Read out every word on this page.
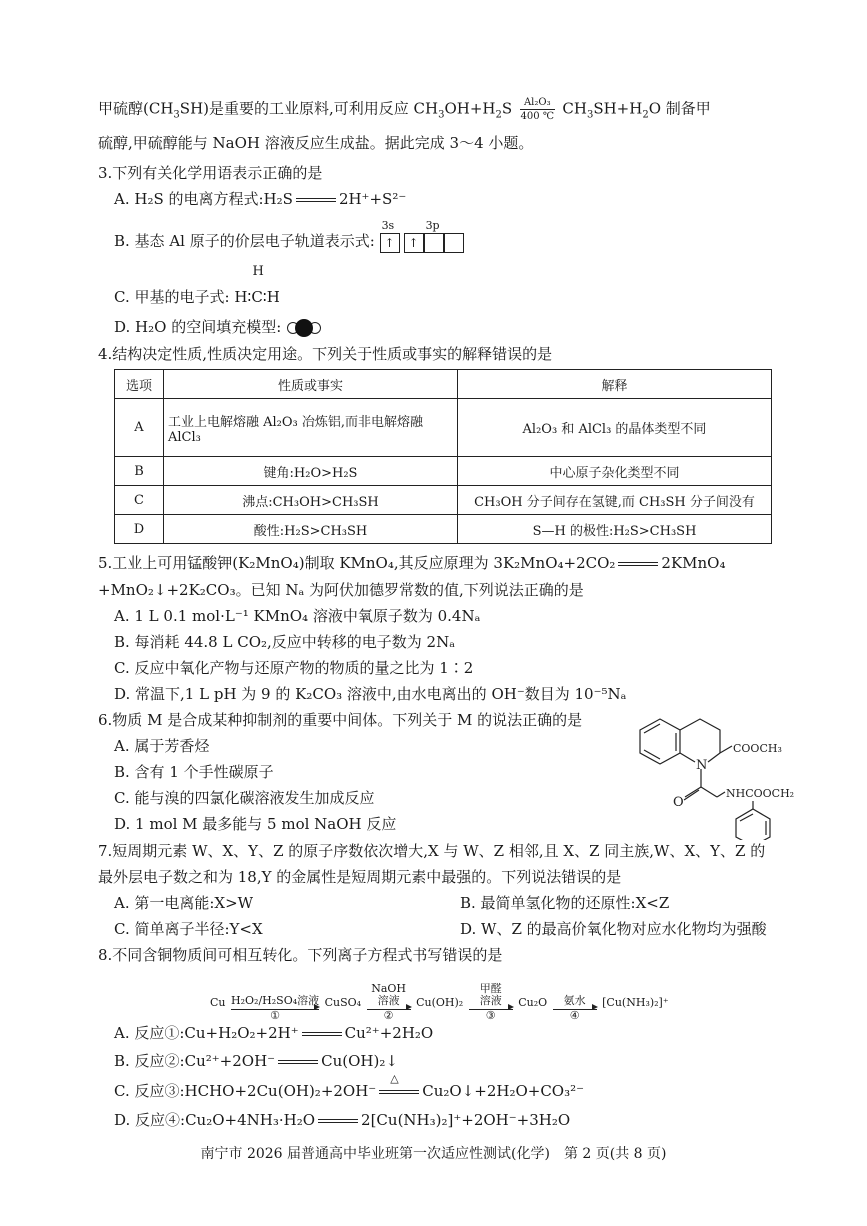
甲硫醇$(CH_3SH)$是重要的工业原料,可利用反应 $CH_3OH+H_2S \frac{\text{Al₂O₃}}{400 ℃} CH_3SH+H_2O$ 制备甲
硫醇,甲硫醇能与 NaOH 溶液反应生成盐。据此完成 3～4 小题。
3.下列有关化学用语表示正确的是
A. H₂S 的电离方程式:H₂S	2H⁺+S²⁻
B. 基态 Al 原子的价层电子轨道表示式:
3s	3p
↑ ↑
C. 甲基的电子式:
H
H∶C∶H
D. H₂O 的空间填充模型:
4.结构决定性质,性质决定用途。下列关于性质或事实的解释错误的是
选项	性质或事实	解释
A	工业上电解熔融 Al₂O₃ 冶炼铝,而非电解熔融 AlCl₃	Al₂O₃ 和 AlCl₃ 的晶体类型不同
B	键角:H₂O>H₂S	中心原子杂化类型不同
C	沸点:CH₃OH>CH₃SH	CH₃OH 分子间存在氢键,而 CH₃SH 分子间没有
D	酸性:H₂S>CH₃SH	S—H 的极性:H₂S>CH₃SH
5.工业上可用锰酸钾(K₂MnO₄)制取 KMnO₄,其反应原理为 3K₂MnO₄+2CO₂	2KMnO₄
+MnO₂↓+2K₂CO₃。已知 Nₐ 为阿伏加德罗常数的值,下列说法正确的是
A. 1 L 0.1 mol·L⁻¹ KMnO₄ 溶液中氧原子数为 0.4Nₐ
B. 每消耗 44.8 L CO₂,反应中转移的电子数为 2Nₐ
C. 反应中氧化产物与还原产物的物质的量之比为 1∶2
D. 常温下,1 L pH 为 9 的 K₂CO₃ 溶液中,由水电离出的 OH⁻数目为 10⁻⁵Nₐ
6.物质 M 是合成某种抑制剂的重要中间体。下列关于 M 的说法正确的是
A. 属于芳香烃
B. 含有 1 个手性碳原子
C. 能与溴的四氯化碳溶液发生加成反应
D. 1 mol M 最多能与 5 mol NaOH 反应
N
O
COOCH₃
NHCOOCH₂
7.短周期元素 W、X、Y、Z 的原子序数依次增大,X 与 W、Z 相邻,且 X、Z 同主族,W、X、Y、Z 的
最外层电子数之和为 18,Y 的金属性是短周期元素中最强的。下列说法错误的是
A. 第一电离能:X>W	B. 最简单氢化物的还原性:X<Z
C. 简单离子半径:Y<X	D. W、Z 的最高价氧化物对应水化物均为强酸
8.不同含铜物质间可相互转化。下列离子方程式书写错误的是
Cu H₂O₂/H₂SO₄溶液
①
CuSO₄
NaOH
溶液
②
Cu(OH)₂
甲醛
溶液
③
Cu₂O	氨水
④
[Cu(NH₃)₂]⁺
A. 反应①:Cu+H₂O₂+2H⁺	Cu²⁺+2H₂O
B. 反应②:Cu²⁺+2OH⁻	Cu(OH)₂↓
C. 反应③:HCHO+2Cu(OH)₂+2OH⁻
△
Cu₂O↓+2H₂O+CO₃²⁻
D. 反应④:Cu₂O+4NH₃·H₂O	2[Cu(NH₃)₂]⁺+2OH⁻+3H₂O
南宁市 2026 届普通高中毕业班第一次适应性测试(化学)　第 2 页(共 8 页)
